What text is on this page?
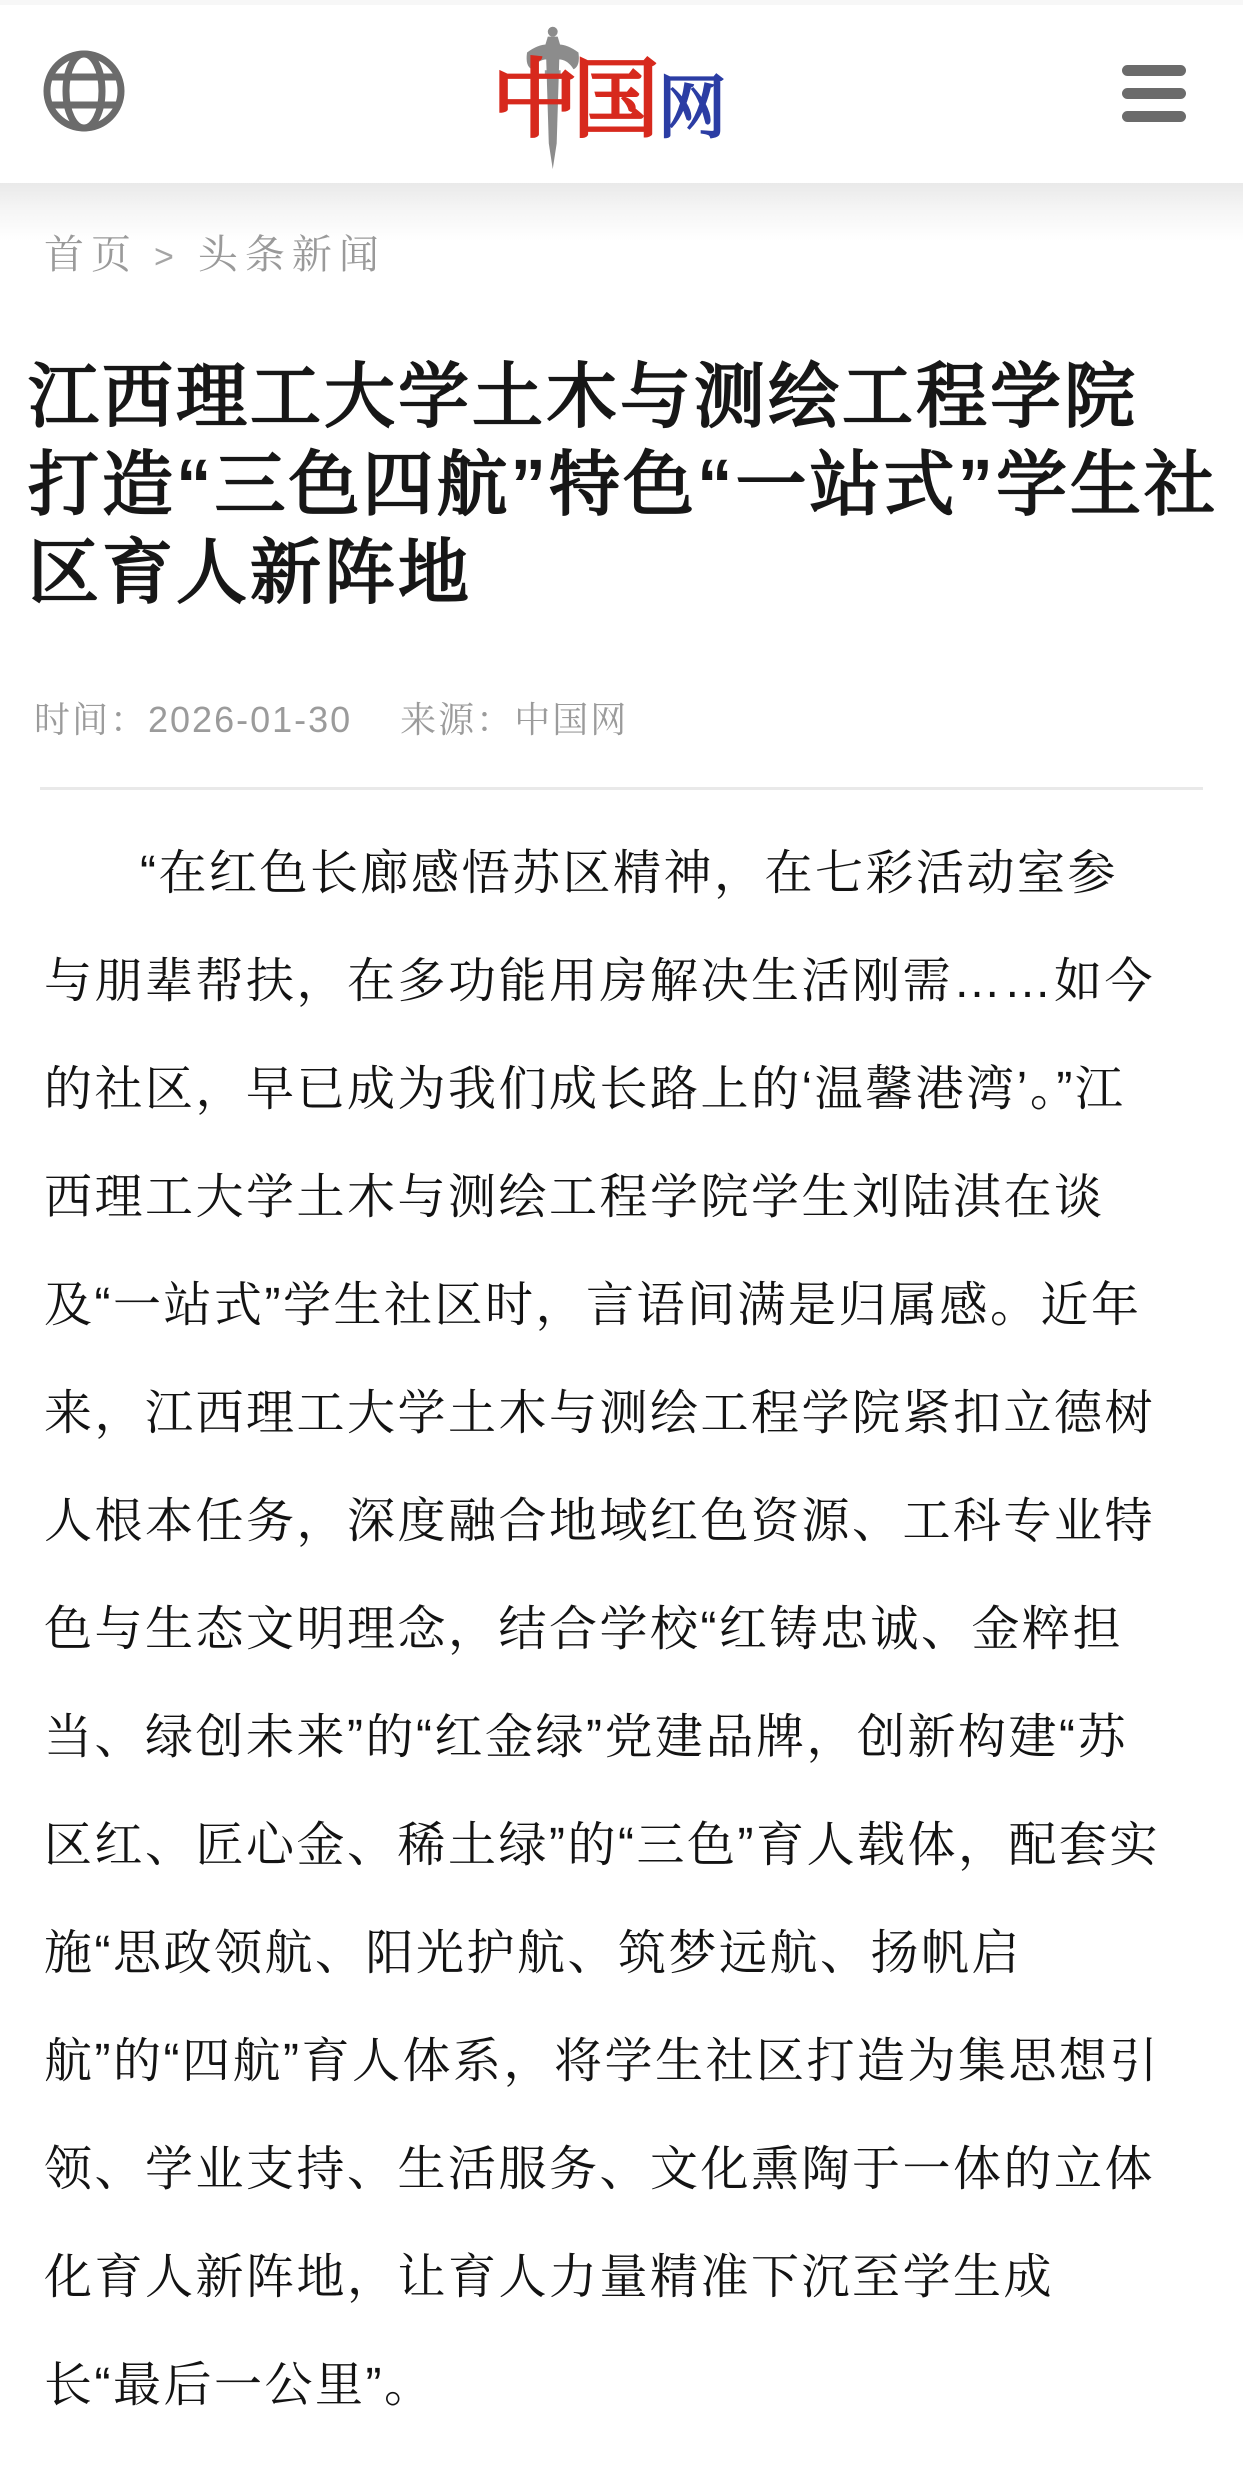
中国 网
首页 > 头条新闻
江西理工大学土木与测绘工程学院
打造“三色四航”特色“一站式”学生社
区育人新阵地
时间：2026-01-30 来源：中国网
“在红色长廊感悟苏区精神，在七彩活动室参
与朋辈帮扶，在多功能用房解决生活刚需……如今
的社区，早已成为我们成长路上的‘温馨港湾’。”江
西理工大学土木与测绘工程学院学生刘陆淇在谈
及“一站式”学生社区时，言语间满是归属感。近年
来，江西理工大学土木与测绘工程学院紧扣立德树
人根本任务，深度融合地域红色资源、工科专业特
色与生态文明理念，结合学校“红铸忠诚、金粹担
当、绿创未来”的“红金绿”党建品牌，创新构建“苏
区红、匠心金、稀土绿”的“三色”育人载体，配套实
施“思政领航、阳光护航、筑梦远航、扬帆启
航”的“四航”育人体系，将学生社区打造为集思想引
领、学业支持、生活服务、文化熏陶于一体的立体
化育人新阵地，让育人力量精准下沉至学生成
长“最后一公里”。
